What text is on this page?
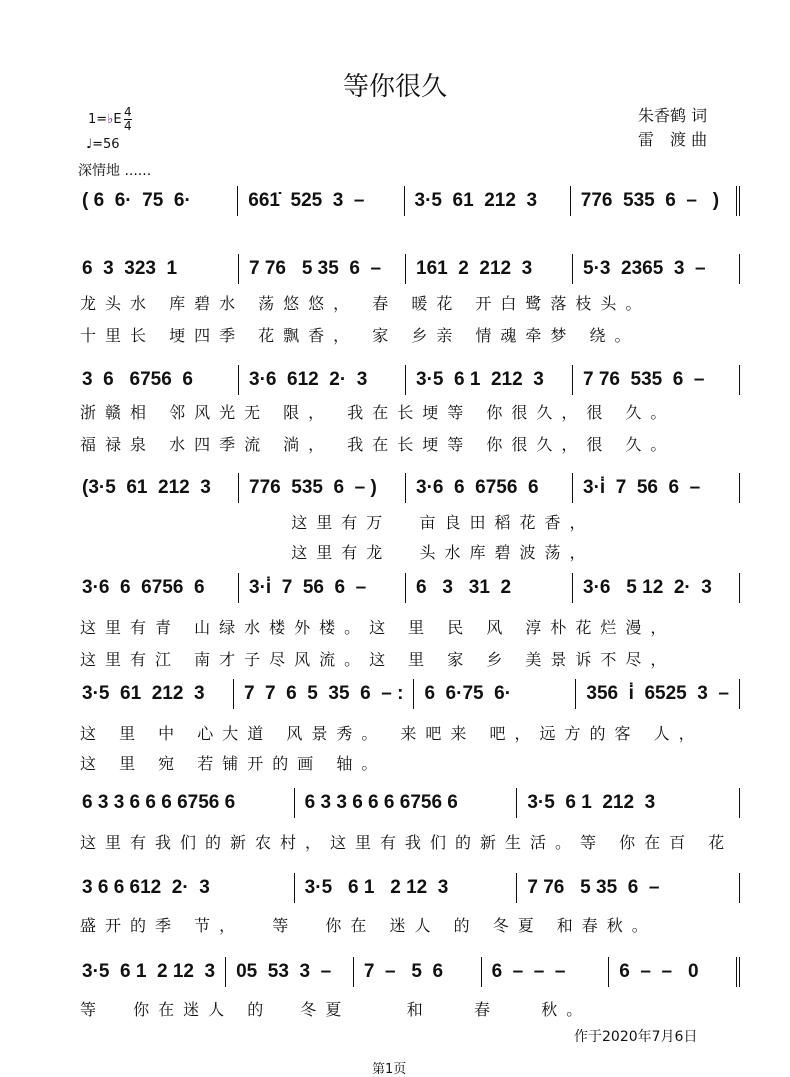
等你很久
1=♭E 4
4
♩=56
深情地 ......
朱香鹤 词
雷　渡 曲
( 6  6·  75  6·	661̇  525  3  –	3·5  61  212  3	776  535  6  –   )
6  3  323  1	7 76   5 35  6  –	161  2  212  3	5·3  2365  3  –
龙头水 库碧水 荡悠悠， 春 暖花 开白鹭落枝头。
十里长 埂四季 花飘香， 家 乡亲 情魂牵梦 绕。
3  6   6756  6	3·6  612  2·  3	3·5  6 1  212  3	7 76  535  6  –
浙赣相 邻风光无 限， 我在长埂等 你很久，很 久。
福禄泉 水四季流 淌， 我在长埂等 你很久，很 久。
(3·5  61  212  3	776  535  6  – )	3·6  6  6756  6	3·i̇  7  56  6  –
这里有万  亩良田稻花香，
这里有龙  头水库碧波荡，
3·6  6  6756  6	3·i̇  7  56  6  –	6   3   31  2	3·6   5 12  2·  3
这里有青 山绿水楼外楼。这 里 民 风 淳朴花烂漫，
这里有江 南才子尽风流。这 里 家 乡 美景诉不尽，
3·5  61  212  3	7  7  6  5  35  6  – :	6  6·75  6·	356  i̇  6525  3  –
这 里 中 心大道 风景秀。 来吧来 吧，远方的客 人，
这 里 宛 若铺开的画 轴。
6 3 3 6 6 6 6756 6	6 3 3 6 6 6 6756 6	3·5  6 1  212  3
这里有我们的新农村，这里有我们的新生活。等 你在百 花
3 6 6 612  2·  3	3·5   6 1   2 12  3	7 76   5 35  6  –
盛开的季 节，  等  你在 迷人 的 冬夏 和春秋。
3·5  6 1  2 12  3	05  53  3  –	7  –   5  6	6  –  –  –	6  –  –   0
等  你在迷人 的  冬夏    和   春   秋。
作于2020年7月6日
第1页
